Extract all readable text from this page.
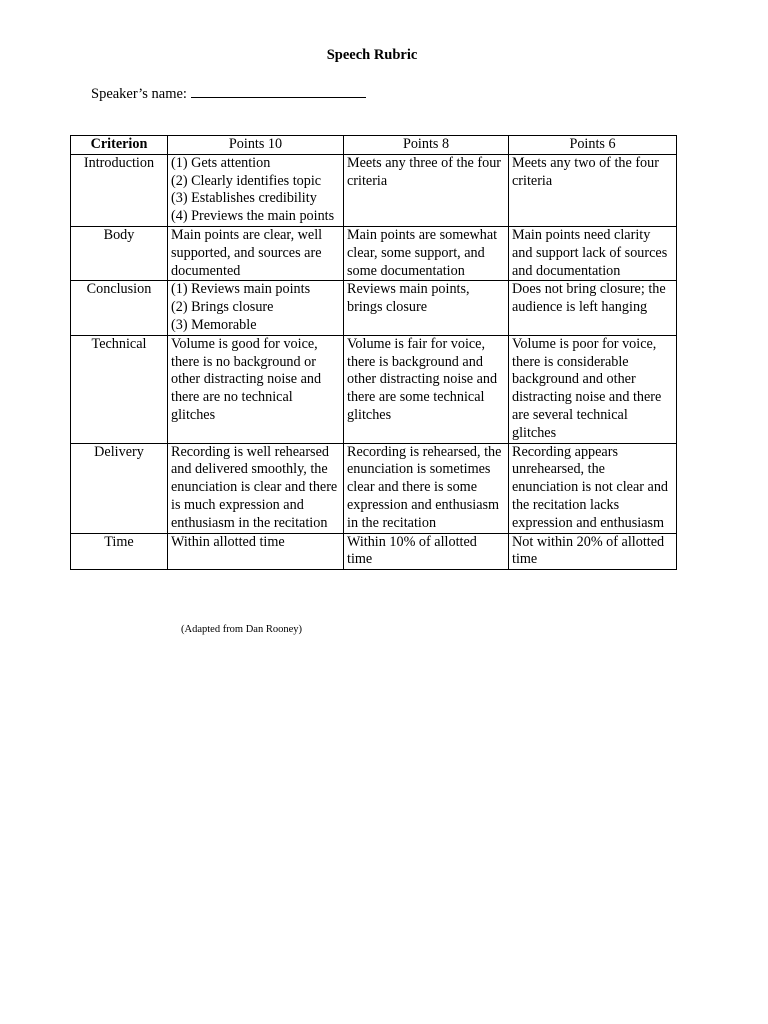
Speech Rubric
Speaker’s name:
Criterion	Points 10	Points 8	Points 6
Introduction	(1) Gets attention
(2) Clearly identifies topic
(3) Establishes credibility
(4) Previews the main points	Meets any three of the four criteria	Meets any two of the four criteria

Body	Main points are clear, well supported, and sources are documented	Main points are somewhat clear, some support, and some documentation	Main points need clarity and support lack of sources and documentation

Conclusion	(1) Reviews main points
(2) Brings closure
(3) Memorable	Reviews main points, brings closure	Does not bring closure; the audience is left hanging

Technical	Volume is good for voice, there is no background or other distracting noise and there are no technical glitches	Volume is fair for voice, there is background and other distracting noise and there are some technical glitches	Volume is poor for voice, there is considerable background and other distracting noise and there are several technical glitches

Delivery	Recording is well rehearsed and delivered smoothly, the enunciation is clear and there is much expression and enthusiasm in the recitation	Recording is rehearsed, the enunciation is sometimes clear and there is some expression and enthusiasm in the recitation	Recording appears unrehearsed, the enunciation is not clear and the recitation lacks expression and enthusiasm

Time	Within allotted time	Within 10% of allotted time	Not within 20% of allotted time
(Adapted from Dan Rooney)
